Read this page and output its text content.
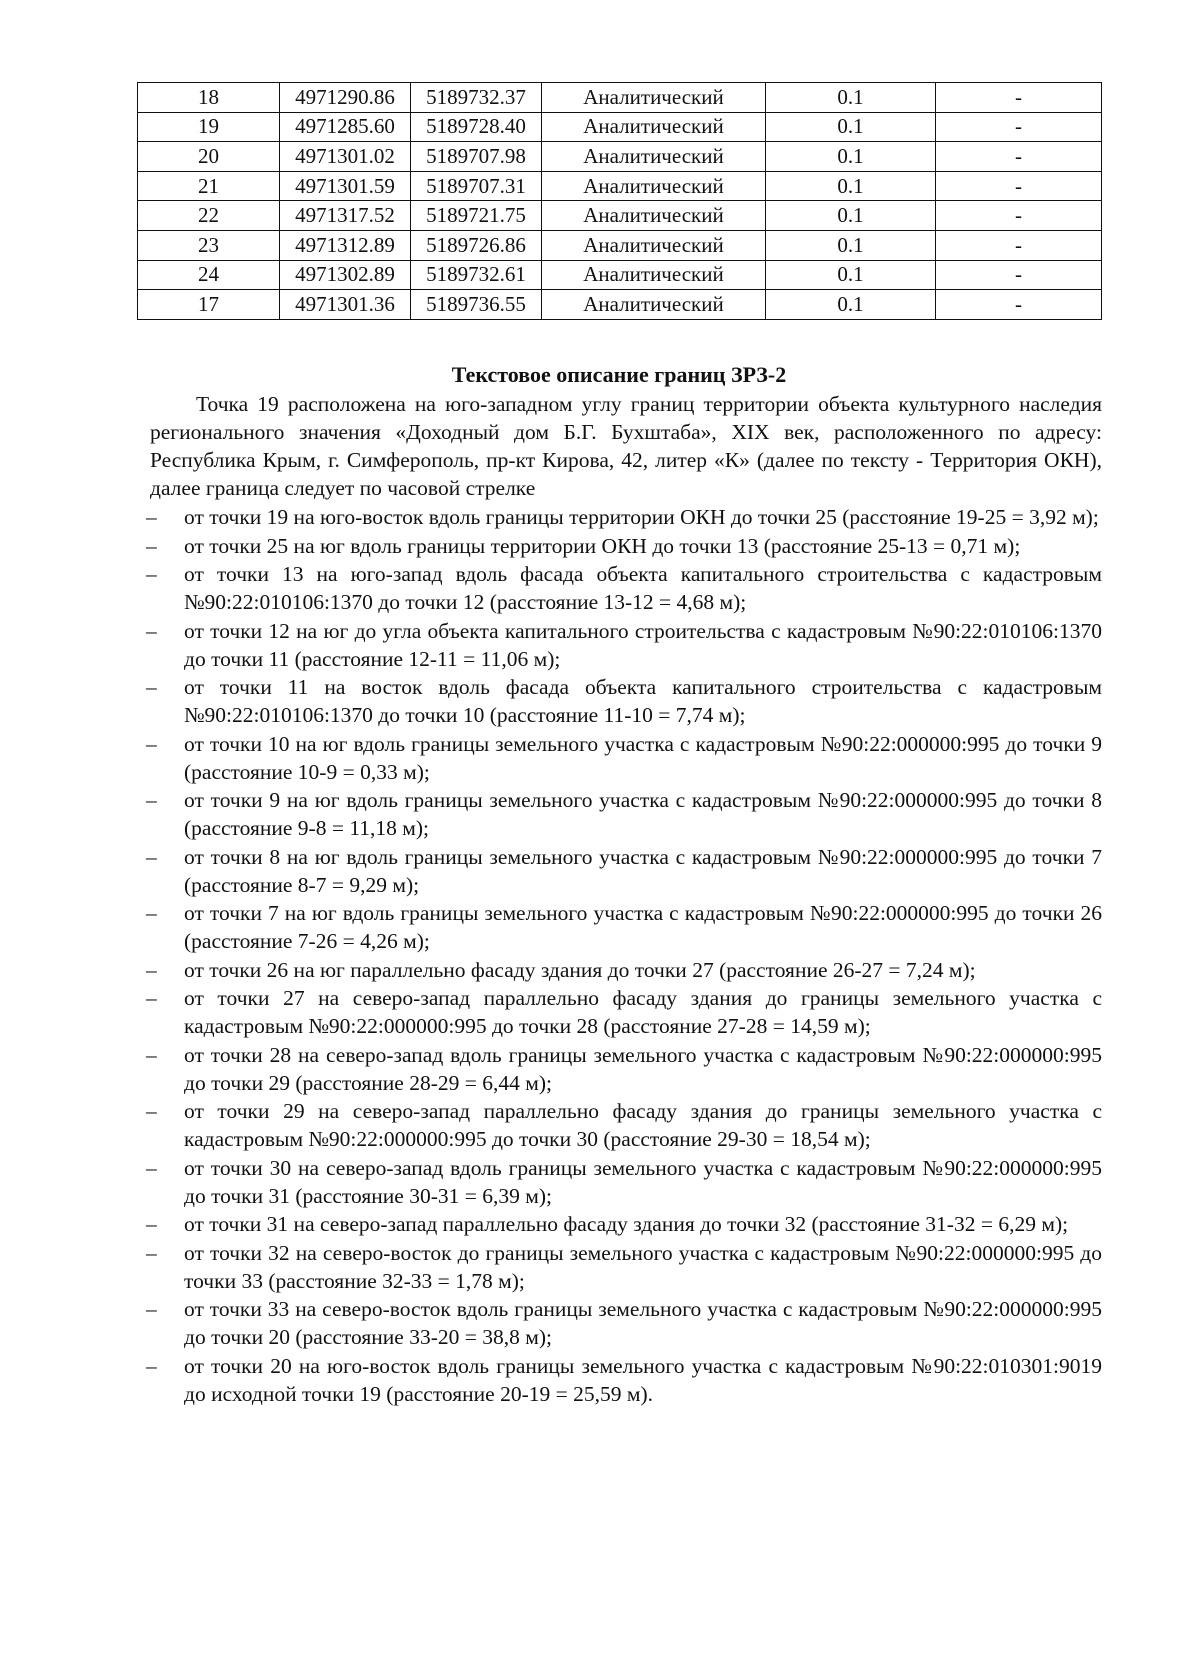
18	4971290.86	5189732.37	Аналитический	0.1	-
19	4971285.60	5189728.40	Аналитический	0.1	-
20	4971301.02	5189707.98	Аналитический	0.1	-
21	4971301.59	5189707.31	Аналитический	0.1	-
22	4971317.52	5189721.75	Аналитический	0.1	-
23	4971312.89	5189726.86	Аналитический	0.1	-
24	4971302.89	5189732.61	Аналитический	0.1	-
17	4971301.36	5189736.55	Аналитический	0.1	-
Текстовое описание границ ЗРЗ-2

Точка 19 расположена на юго-западном углу границ территории объекта культурного наследия регионального значения «Доходный дом Б.Г. Бухштаба», XIX век, расположенного по адресу: Республика Крым, г. Симферополь, пр-кт Кирова, 42, литер «К» (далее по тексту - Территория ОКН), далее граница следует по часовой стрелке

– от точки 19 на юго-восток вдоль границы территории ОКН до точки 25 (расстояние 19-25 = 3,92 м);
– от точки 25 на юг вдоль границы территории ОКН до точки 13 (расстояние 25-13 = 0,71 м);
– от точки 13 на юго-запад вдоль фасада объекта капитального строительства с кадастровым №90:22:010106:1370 до точки 12 (расстояние 13-12 = 4,68 м);
– от точки 12 на юг до угла объекта капитального строительства с кадастровым №90:22:010106:1370 до точки 11 (расстояние 12-11 = 11,06 м);
– от точки 11 на восток вдоль фасада объекта капитального строительства с кадастровым №90:22:010106:1370 до точки 10 (расстояние 11-10 = 7,74 м);
– от точки 10 на юг вдоль границы земельного участка с кадастровым №90:22:000000:995 до точки 9 (расстояние 10-9 = 0,33 м);
– от точки 9 на юг вдоль границы земельного участка с кадастровым №90:22:000000:995 до точки 8 (расстояние 9-8 = 11,18 м);
– от точки 8 на юг вдоль границы земельного участка с кадастровым №90:22:000000:995 до точки 7 (расстояние 8-7 = 9,29 м);
– от точки 7 на юг вдоль границы земельного участка с кадастровым №90:22:000000:995 до точки 26 (расстояние 7-26 = 4,26 м);
– от точки 26 на юг параллельно фасаду здания до точки 27 (расстояние 26-27 = 7,24 м);
– от точки 27 на северо-запад параллельно фасаду здания до границы земельного участка с кадастровым №90:22:000000:995 до точки 28 (расстояние 27-28 = 14,59 м);
– от точки 28 на северо-запад вдоль границы земельного участка с кадастровым №90:22:000000:995 до точки 29 (расстояние 28-29 = 6,44 м);
– от точки 29 на северо-запад параллельно фасаду здания до границы земельного участка с кадастровым №90:22:000000:995 до точки 30 (расстояние 29-30 = 18,54 м);
– от точки 30 на северо-запад вдоль границы земельного участка с кадастровым №90:22:000000:995 до точки 31 (расстояние 30-31 = 6,39 м);
– от точки 31 на северо-запад параллельно фасаду здания до точки 32 (расстояние 31-32 = 6,29 м);
– от точки 32 на северо-восток до границы земельного участка с кадастровым №90:22:000000:995 до точки 33 (расстояние 32-33 = 1,78 м);
– от точки 33 на северо-восток вдоль границы земельного участка с кадастровым №90:22:000000:995 до точки 20 (расстояние 33-20 = 38,8 м);
– от точки 20 на юго-восток вдоль границы земельного участка с кадастровым №90:22:010301:9019 до исходной точки 19 (расстояние 20-19 = 25,59 м).
